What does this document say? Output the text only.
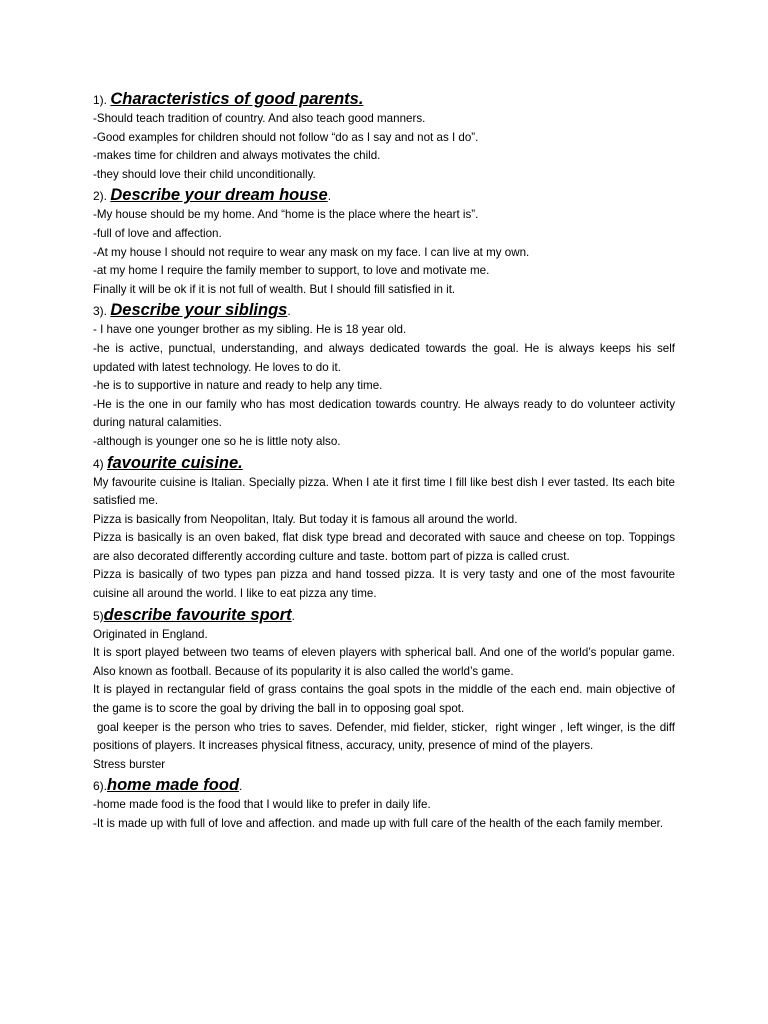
1). Characteristics of good parents.

-Should teach tradition of country. And also teach good manners.

-Good examples for children should not follow “do as I say and not as I do”.

-makes time for children and always motivates the child.

-they should love their child unconditionally.

2). Describe your dream house.

-My house should be my home. And “home is the place where the heart is”.

-full of love and affection.

-At my house I should not require to wear any mask on my face. I can live at my own.

-at my home I require the family member to support, to love and motivate me.

Finally it will be ok if it is not full of wealth. But I should fill satisfied in it.

3). Describe your siblings.

- I have one younger brother as my sibling. He is 18 year old.

-he is active, punctual, understanding, and always dedicated towards the goal. He is always keeps his self updated with latest technology. He loves to do it.

-he is to supportive in nature and ready to help any time.

-He is the one in our family who has most dedication towards country. He always ready to do volunteer activity during natural calamities.

-although is younger one so he is little noty also.

4) favourite cuisine.

My favourite cuisine is Italian. Specially pizza. When I ate it first time I fill like best dish I ever tasted. Its each bite satisfied me.

Pizza is basically from Neopolitan, Italy. But today it is famous all around the world.

Pizza is basically is an oven baked, flat disk type bread and decorated with sauce and cheese on top. Toppings are also decorated differently according culture and taste. bottom part of pizza is called crust.

Pizza is basically of two types pan pizza and hand tossed pizza. It is very tasty and one of the most favourite cuisine all around the world. I like to eat pizza any time.

5)describe favourite sport.

Originated in England.

It is sport played between two teams of eleven players with spherical ball. And one of the world’s popular game. Also known as football. Because of its popularity it is also called the world’s game.

It is played in rectangular field of grass contains the goal spots in the middle of the each end. main objective of the game is to score the goal by driving the ball in to opposing goal spot.

goal keeper is the person who tries to saves. Defender, mid fielder, sticker,  right winger , left winger, is the diff positions of players. It increases physical fitness, accuracy, unity, presence of mind of the players.

Stress burster

6).home made food.

-home made food is the food that I would like to prefer in daily life.

-It is made up with full of love and affection. and made up with full care of the health of the each family member.
